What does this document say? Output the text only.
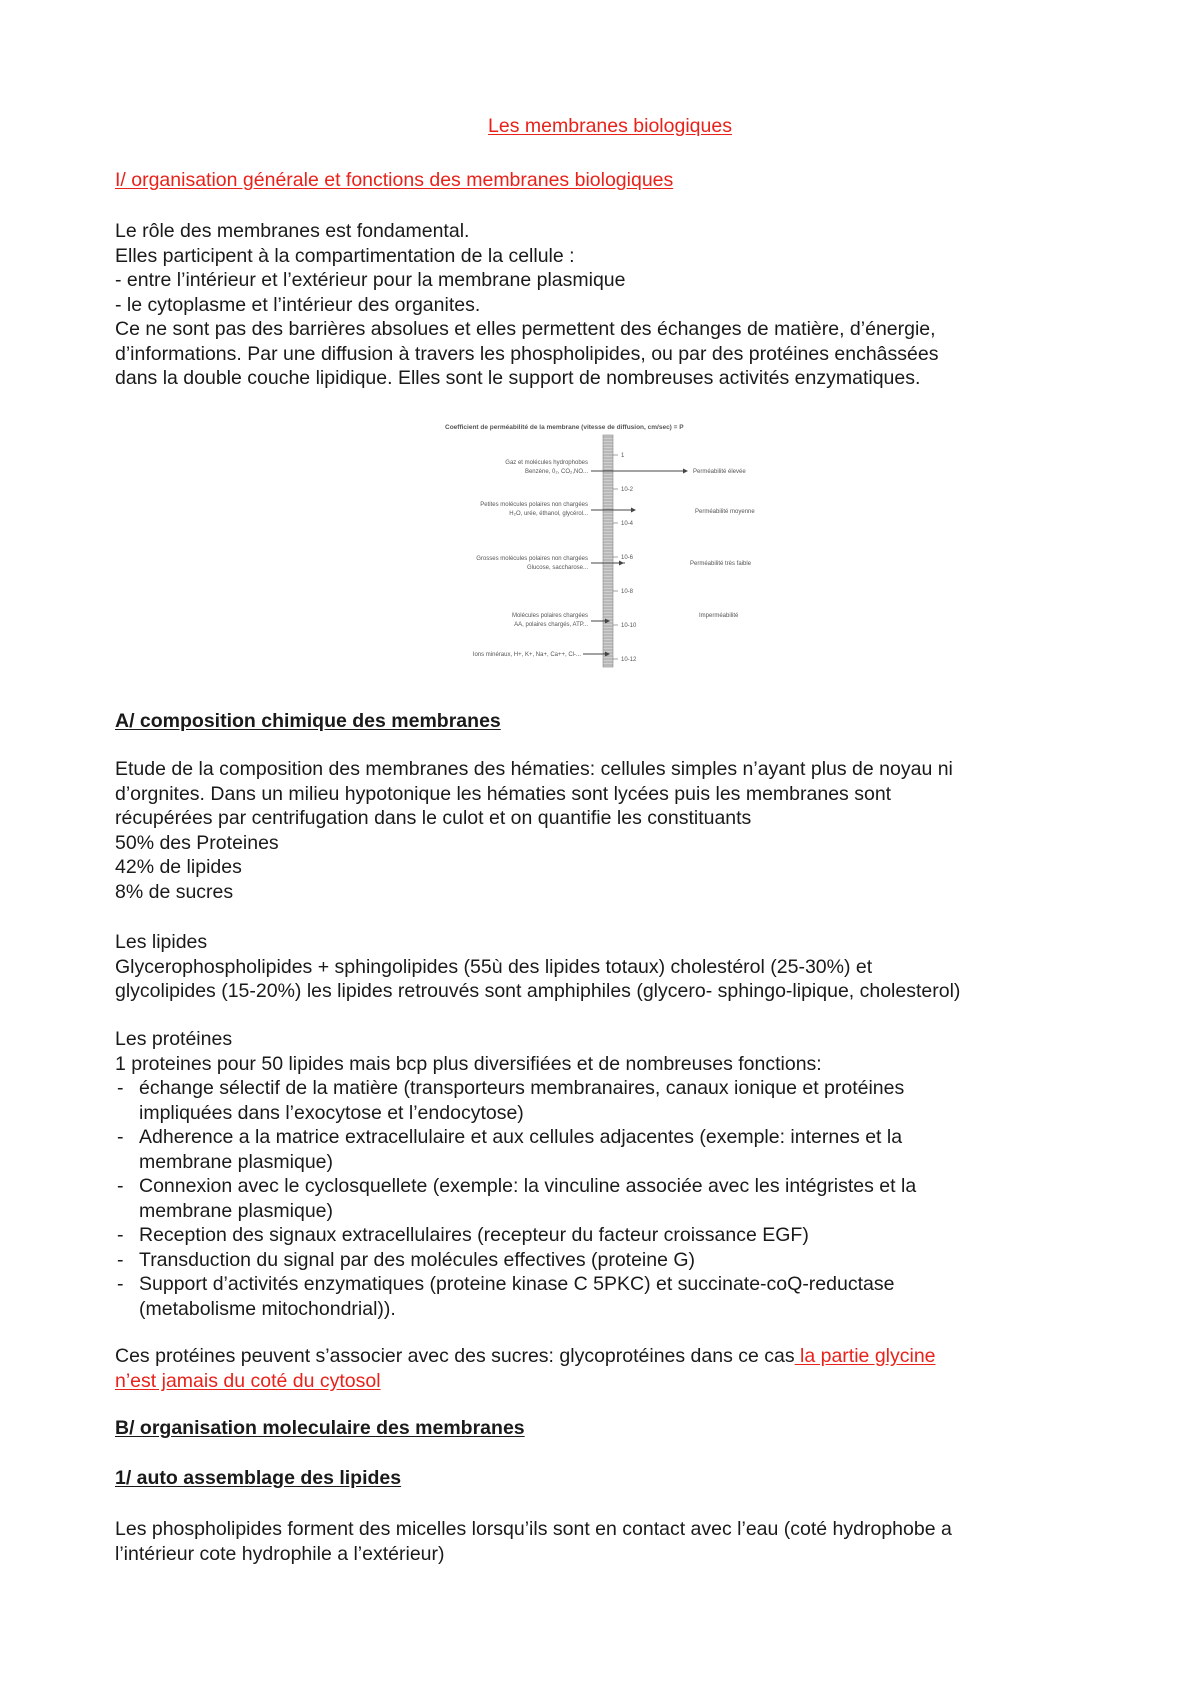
Les membranes biologiques
I/ organisation générale et fonctions des membranes biologiques
Le rôle des membranes est fondamental.
Elles participent à la compartimentation de la cellule :
- entre l’intérieur et l’extérieur pour la membrane plasmique
- le cytoplasme et l’intérieur des organites.
Ce ne sont pas des barrières absolues et elles permettent des échanges de matière, d’énergie,
d’informations. Par une diffusion à travers les phospholipides, ou par des protéines enchâssées
dans la double couche lipidique. Elles sont le support de nombreuses activités enzymatiques.
Coefficient de perméabilité de la membrane (vitesse de diffusion, cm/sec) = P
1
10-2
10-4
10-6
10-8
10-10
10-12
Gaz et molécules hydrophobes
Benzène, 0₂, CO₂,NO...
Petites molécules polaires non chargées
H₂O, urée, éthanol, glycérol...
Grosses molécules polaires non chargées
Glucose, saccharose...
Molécules polaires chargées
AA, polaires chargés, ATP...
Ions minéraux, H+, K+, Na+, Ca++, Cl-...
Perméabilité élevée
Perméabilité moyenne
Perméabilité très faible
Imperméabilité
A/ composition chimique des membranes
Etude de la composition des membranes des hématies: cellules simples n’ayant plus de noyau ni
d’orgnites. Dans un milieu hypotonique les hématies sont lycées puis les membranes sont
récupérées par centrifugation dans le culot et on quantifie les constituants
50% des Proteines
42% de lipides
8% de sucres
Les lipides
Glycerophospholipides + sphingolipides (55ù des lipides totaux) cholestérol (25-30%) et
glycolipides (15-20%) les lipides retrouvés sont amphiphiles (glycero- sphingo-lipique, cholesterol)
Les protéines
1 proteines pour 50 lipides mais bcp plus diversifiées et de nombreuses fonctions:
- échange sélectif de la matière (transporteurs membranaires, canaux ionique et protéines
impliquées dans l’exocytose et l’endocytose)
- Adherence a la matrice extracellulaire et aux cellules adjacentes (exemple: internes et la
membrane plasmique)
- Connexion avec le cyclosquellete (exemple: la vinculine associée avec les intégristes et la
membrane plasmique)
- Reception des signaux extracellulaires (recepteur du facteur croissance EGF)
- Transduction du signal par des molécules effectives (proteine G)
- Support d’activités enzymatiques (proteine kinase C 5PKC) et succinate-coQ-reductase
(metabolisme mitochondrial)).
Ces protéines peuvent s’associer avec des sucres: glycoprotéines dans ce cas la partie glycine
n’est jamais du coté du cytosol
B/ organisation moleculaire des membranes
1/ auto assemblage des lipides
Les phospholipides forment des micelles lorsqu’ils sont en contact avec l’eau (coté hydrophobe a
l’intérieur cote hydrophile a l’extérieur)
